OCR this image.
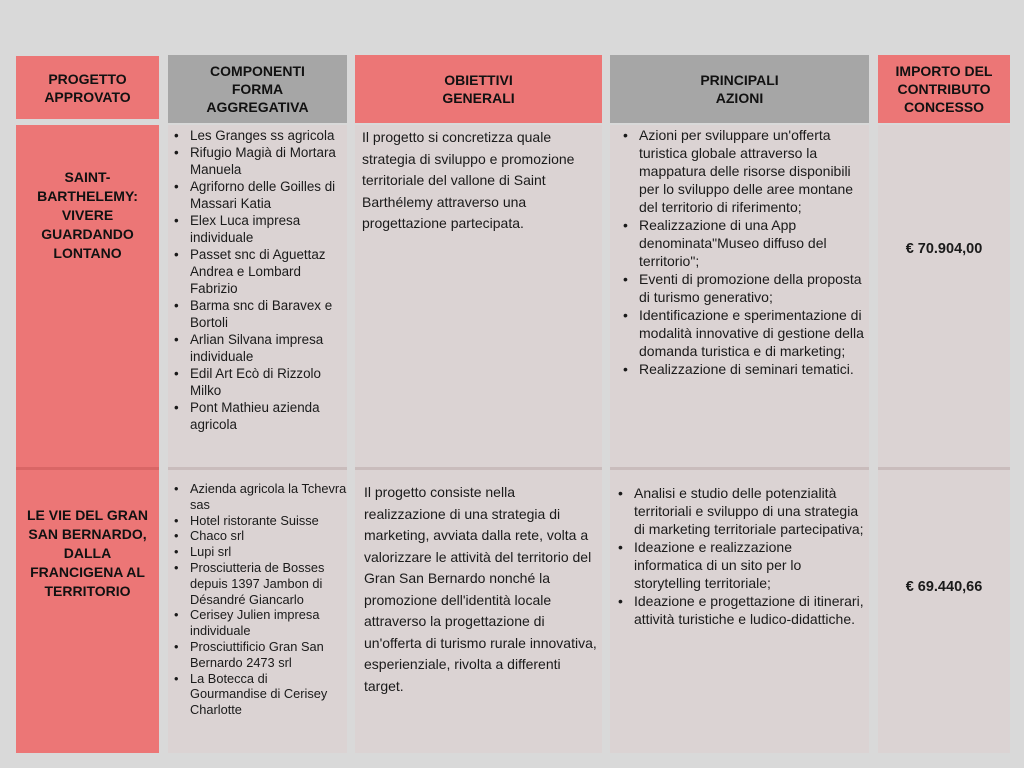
PROGETTO
APPROVATO
COMPONENTI
FORMA
AGGREGATIVA
OBIETTIVI
GENERALI
PRINCIPALI
AZIONI
IMPORTO DEL
CONTRIBUTO
CONCESSO
SAINT-
BARTHELEMY:
VIVERE
GUARDANDO
LONTANO
• Les Granges ss agricola
• Rifugio Magià di Mortara Manuela
• Agriforno delle Goilles di Massari Katia
• Elex Luca impresa individuale
• Passet snc di Aguettaz Andrea e Lombard Fabrizio
• Barma snc di Baravex e Bortoli
• Arlian Silvana impresa individuale
• Edil Art Ecò di Rizzolo Milko
• Pont Mathieu azienda agricola
Il progetto si concretizza quale strategia di sviluppo e promozione territoriale del vallone di Saint Barthélemy attraverso una progettazione partecipata.
• Azioni per sviluppare un'offerta turistica globale attraverso la mappatura delle risorse disponibili per lo sviluppo delle aree montane del territorio di riferimento;
• Realizzazione di una App denominata"Museo diffuso del territorio";
• Eventi di promozione della proposta di turismo generativo;
• Identificazione e sperimentazione di modalità innovative di gestione della domanda turistica e di marketing;
• Realizzazione di seminari tematici.
€ 70.904,00
LE VIE DEL GRAN
SAN BERNARDO,
DALLA
FRANCIGENA AL
TERRITORIO
• Azienda agricola la Tchevra sas
• Hotel ristorante Suisse
• Chaco srl
• Lupi srl
• Prosciutteria de Bosses depuis 1397 Jambon di Désandré Giancarlo
• Cerisey Julien impresa individuale
• Prosciuttificio Gran San Bernardo 2473 srl
• La Botecca di Gourmandise di Cerisey Charlotte
Il progetto consiste nella realizzazione di una strategia di marketing, avviata dalla rete, volta a valorizzare le attività del territorio del Gran San Bernardo nonché la promozione dell'identità locale attraverso la progettazione di un'offerta di turismo rurale innovativa, esperienziale, rivolta a differenti target.
• Analisi e studio delle potenzialità territoriali e sviluppo di una strategia di marketing territoriale partecipativa;
• Ideazione e realizzazione informatica di un sito per lo storytelling territoriale;
• Ideazione e progettazione di itinerari, attività turistiche e ludico-didattiche.
€ 69.440,66
